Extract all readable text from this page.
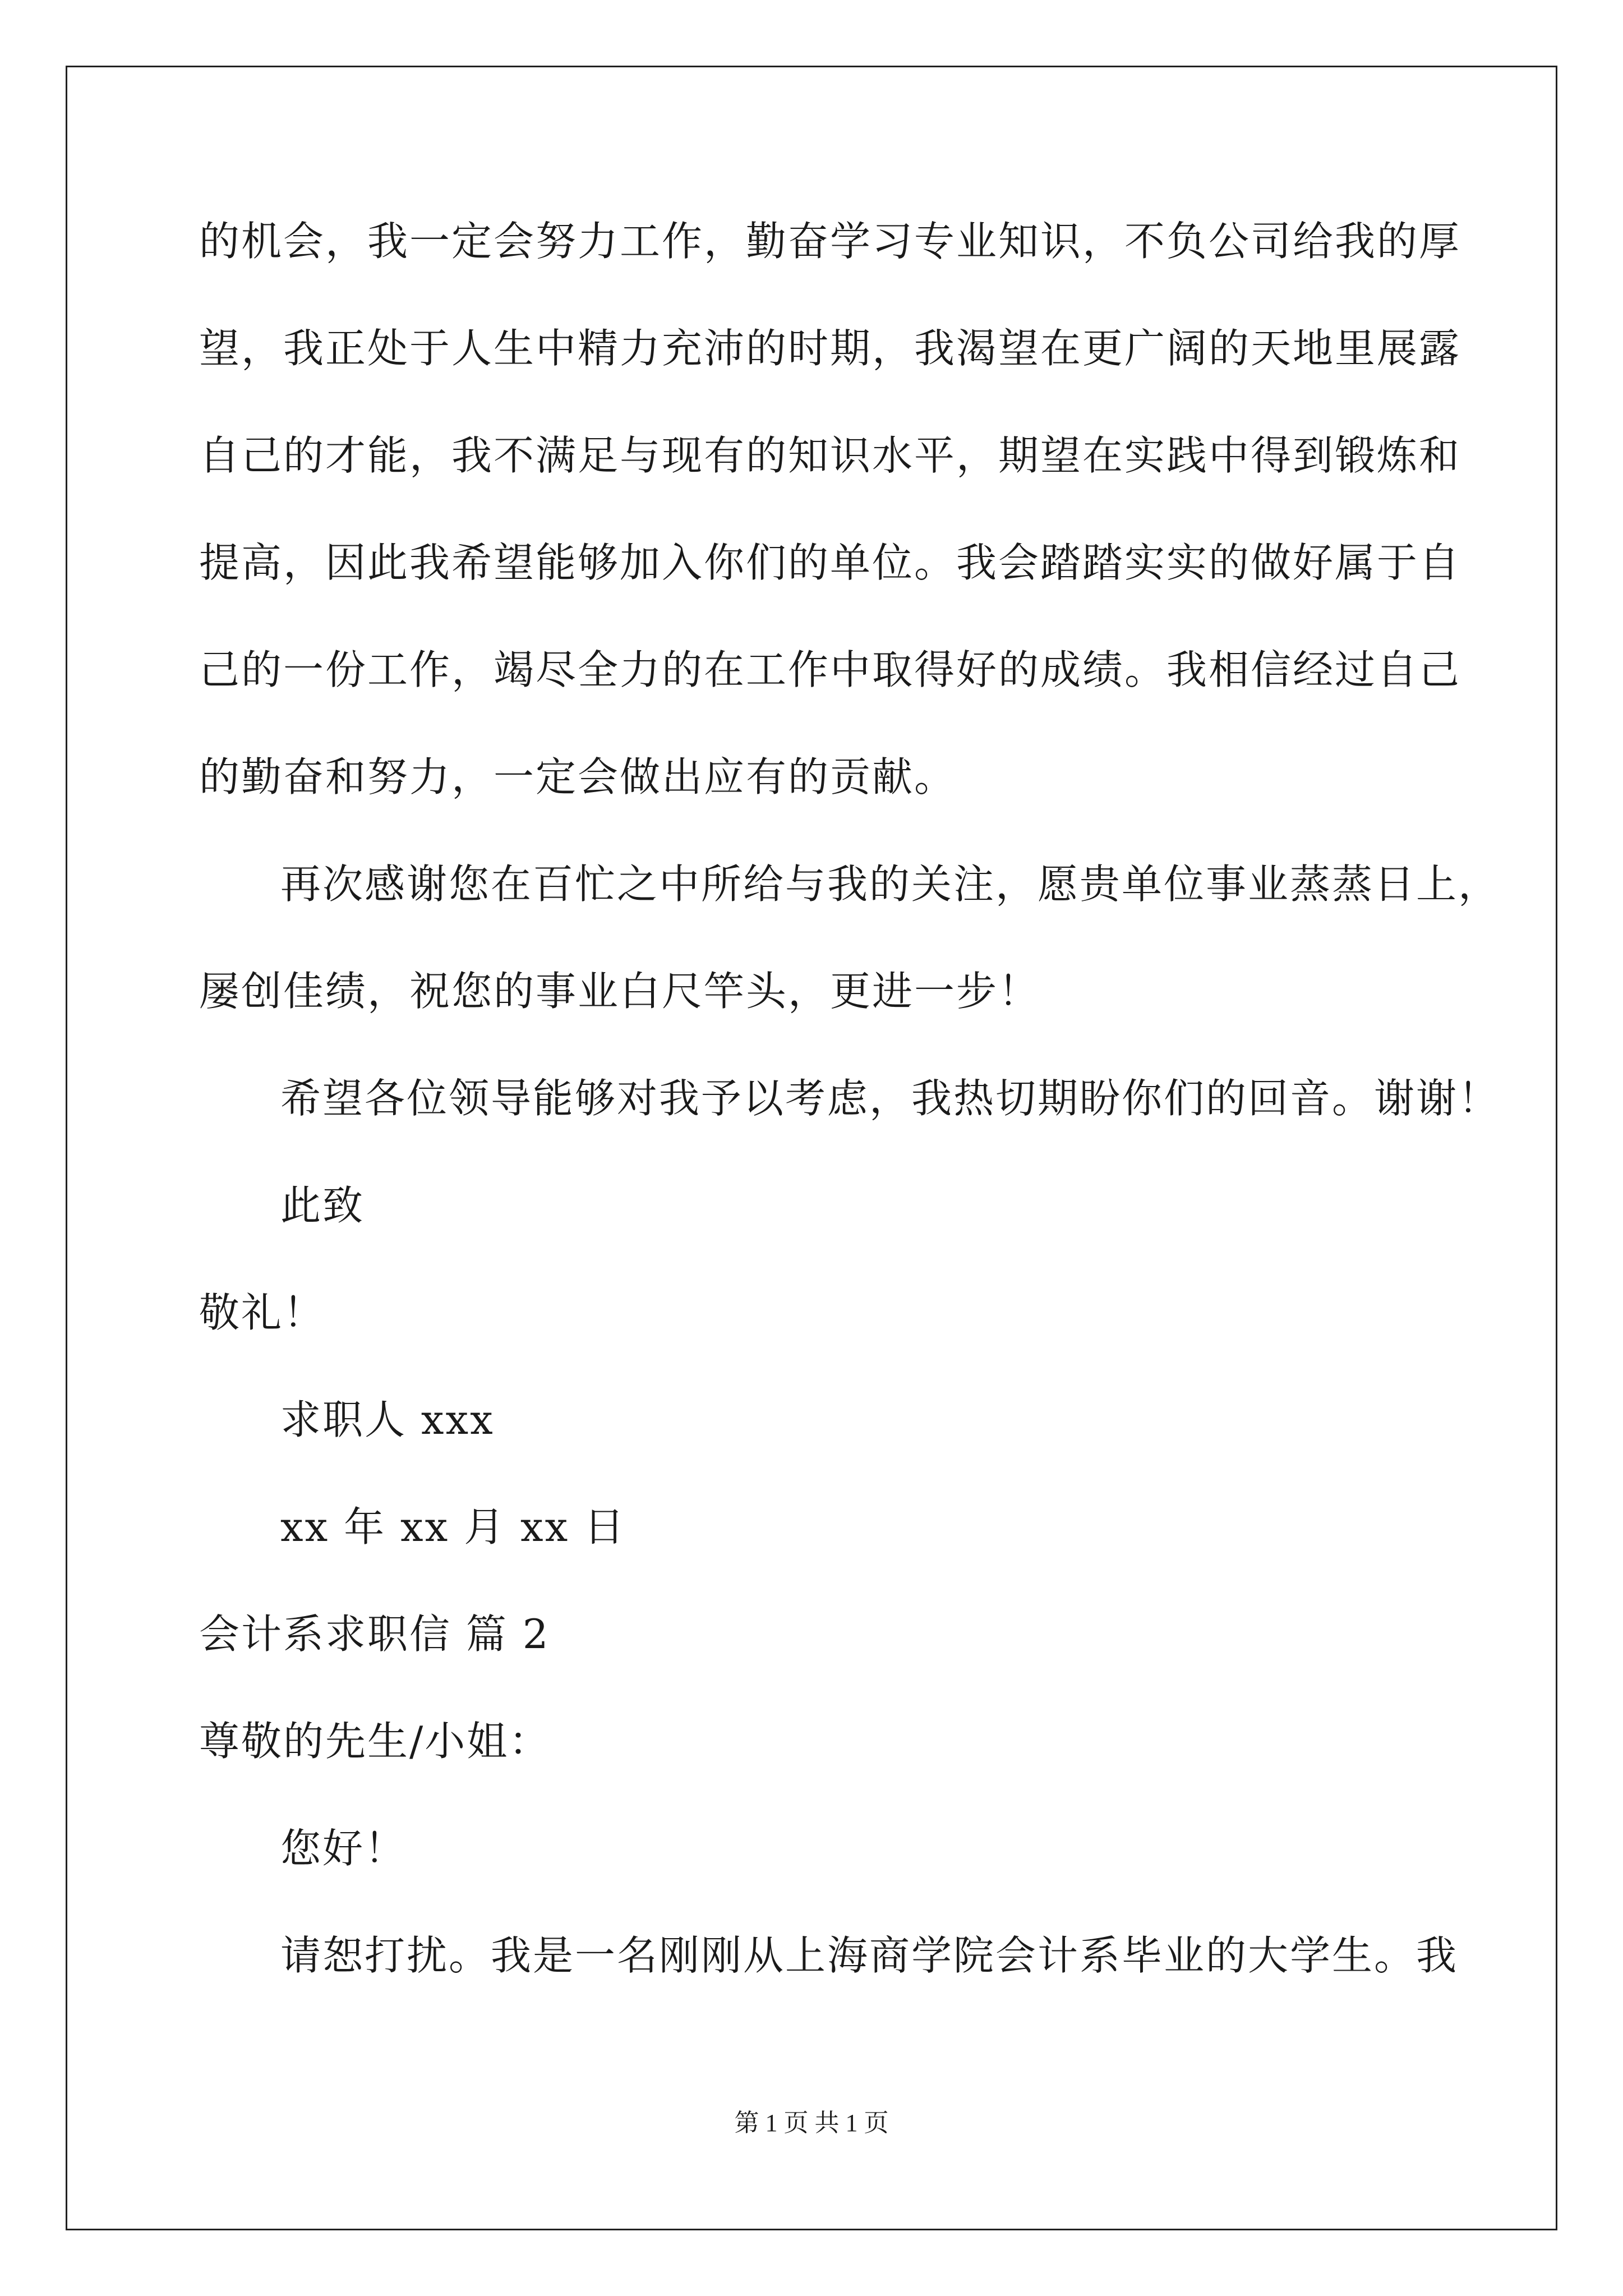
的机会，我一定会努力工作，勤奋学习专业知识，不负公司给我的厚
望，我正处于人生中精力充沛的时期，我渴望在更广阔的天地里展露
自己的才能，我不满足与现有的知识水平，期望在实践中得到锻炼和
提高，因此我希望能够加入你们的单位。我会踏踏实实的做好属于自
己的一份工作，竭尽全力的在工作中取得好的成绩。我相信经过自己
的勤奋和努力，一定会做出应有的贡献。
再次感谢您在百忙之中所给与我的关注，愿贵单位事业蒸蒸日上，
屡创佳绩，祝您的事业白尺竿头，更进一步！
希望各位领导能够对我予以考虑，我热切期盼你们的回音。谢谢！
此致
敬礼！
求职人 xxx
xx 年 xx 月 xx 日
会计系求职信 篇 2
尊敬的先生/小姐：
您好！
请恕打扰。我是一名刚刚从上海商学院会计系毕业的大学生。我
第 1 页 共 1 页
